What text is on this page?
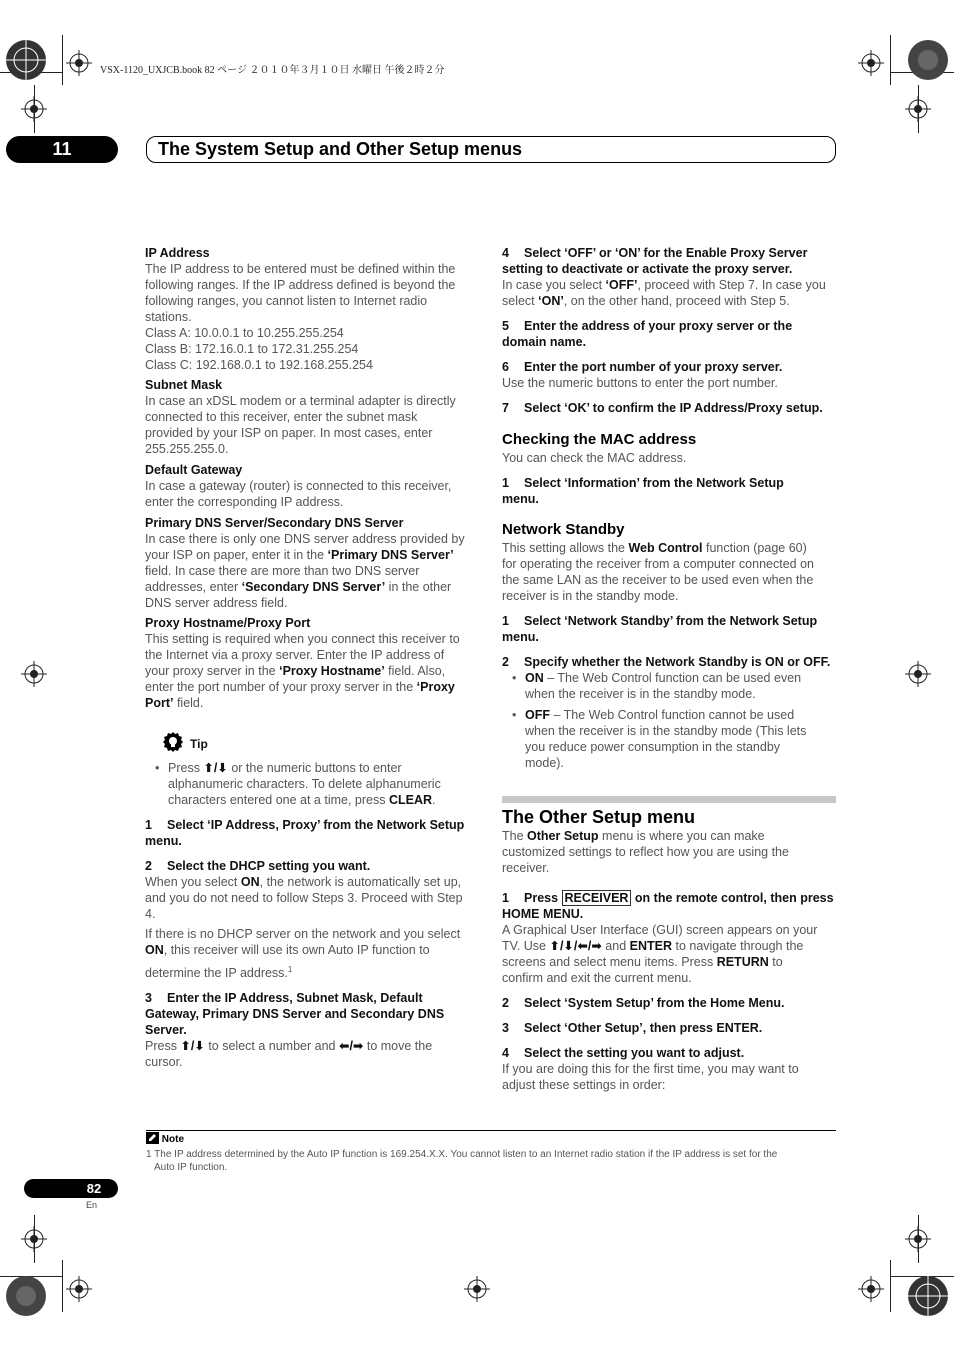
VSX-1120_UXJCB.book 82 ページ ２０１０年３月１０日 水曜日 午後２時２分
11	The System Setup and Other Setup menus

IP Address

The IP address to be entered must be defined within the

following ranges. If the IP address defined is beyond the

following ranges, you cannot listen to Internet radio

stations.

Class A: 10.0.0.1 to 10.255.255.254

Class B: 172.16.0.1 to 172.31.255.254

Class C: 192.168.0.1 to 192.168.255.254

Subnet Mask

In case an xDSL modem or a terminal adapter is directly

connected to this receiver, enter the subnet mask

provided by your ISP on paper. In most cases, enter

255.255.255.0.

Default Gateway

In case a gateway (router) is connected to this receiver,

enter the corresponding IP address.

Primary DNS Server/Secondary DNS Server

In case there is only one DNS server address provided by

your ISP on paper, enter it in the ‘Primary DNS Server’

field. In case there are more than two DNS server

addresses, enter ‘Secondary DNS Server’ in the other

DNS server address field.

Proxy Hostname/Proxy Port

This setting is required when you connect this receiver to

the Internet via a proxy server. Enter the IP address of

your proxy server in the ‘Proxy Hostname’ field. Also,

enter the port number of your proxy server in the ‘Proxy

Port’ field.

Tip
• Press ⬆/⬇ or the numeric buttons to enter

alphanumeric characters. To delete alphanumeric

characters entered one at a time, press CLEAR.

1 Select ‘IP Address, Proxy’ from the Network Setup

menu.

2 Select the DHCP setting you want.

When you select ON, the network is automatically set up,

and you do not need to follow Steps 3. Proceed with Step

4.

If there is no DHCP server on the network and you select

ON, this receiver will use its own Auto IP function to

determine the IP address.$^1$

3 Enter the IP Address, Subnet Mask, Default

Gateway, Primary DNS Server and Secondary DNS

Server.

Press ⬆/⬇ to select a number and ⬅/➡ to move the

cursor.

4 Select ‘OFF’ or ‘ON’ for the Enable Proxy Server

setting to deactivate or activate the proxy server.

In case you select ‘OFF’, proceed with Step 7. In case you

select ‘ON’, on the other hand, proceed with Step 5.

5 Enter the address of your proxy server or the

domain name.

6 Enter the port number of your proxy server.

Use the numeric buttons to enter the port number.

7 Select ‘OK’ to confirm the IP Address/Proxy setup.

Checking the MAC address

You can check the MAC address.

1 Select ‘Information’ from the Network Setup

menu.

Network Standby

This setting allows the Web Control function (page 60)

for operating the receiver from a computer connected on

the same LAN as the receiver to be used even when the

receiver is in the standby mode.

1 Select ‘Network Standby’ from the Network Setup

menu.

2 Specify whether the Network Standby is ON or OFF.

• ON – The Web Control function can be used even

when the receiver is in the standby mode.

• OFF – The Web Control function cannot be used

when the receiver is in the standby mode (This lets

you reduce power consumption in the standby

mode).

The Other Setup menu

The Other Setup menu is where you can make

customized settings to reflect how you are using the

receiver.

1 Press RECEIVER on the remote control, then press

HOME MENU.

A Graphical User Interface (GUI) screen appears on your

TV. Use ⬆/⬇/⬅/➡ and ENTER to navigate through the

screens and select menu items. Press RETURN to

confirm and exit the current menu.

2 Select ‘System Setup’ from the Home Menu.

3 Select ‘Other Setup’, then press ENTER.

4 Select the setting you want to adjust.

If you are doing this for the first time, you may want to

adjust these settings in order:

Note
1 The IP address determined by the Auto IP function is 169.254.X.X. You cannot listen to an Internet radio station if the IP address is set for the
Auto IP function.
82
En
